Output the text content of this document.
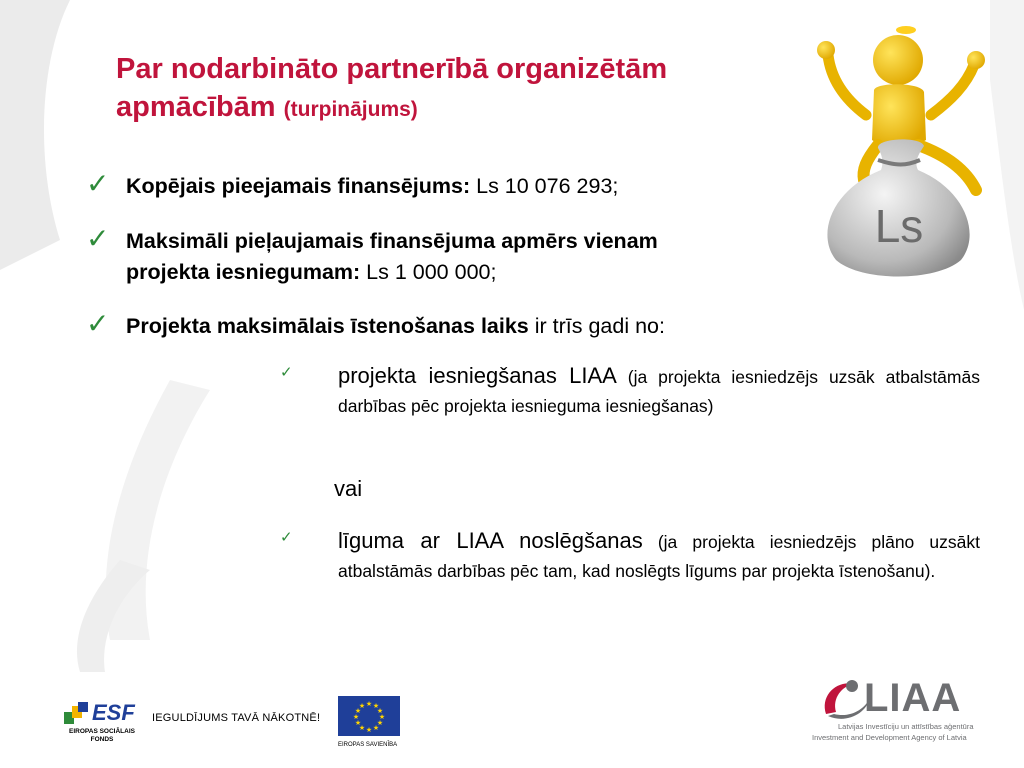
Par nodarbināto partnerībā organizētām
apmācībām (turpinājums)
✓ Kopējais pieejamais finansējums: Ls 10 076 293;
✓ Maksimāli pieļaujamais finansējuma apmērs vienam projekta iesniegumam: Ls 1 000 000;
✓ Projekta maksimālais īstenošanas laiks ir trīs gadi no:
✓ projekta iesniegšanas LIAA (ja projekta iesniedzējs uzsāk atbalstāmās darbības pēc projekta iesnieguma iesniegšanas)
vai
✓ līguma ar LIAA noslēgšanas (ja projekta iesniedzējs plāno uzsākt atbalstāmās darbības pēc tam, kad noslēgts līgums par projekta īstenošanu).
Ls
ESF
EIROPAS SOCIĀLAIS
FONDS
IEGULDĪJUMS TAVĀ NĀKOTNĒ!
★ ★
★
★
★
★
★
★
★
★
★
★
EIROPAS SAVIENĪBA
LIAA
Latvijas Investīciju un attīstības aģentūra
Investment and Development Agency of Latvia
